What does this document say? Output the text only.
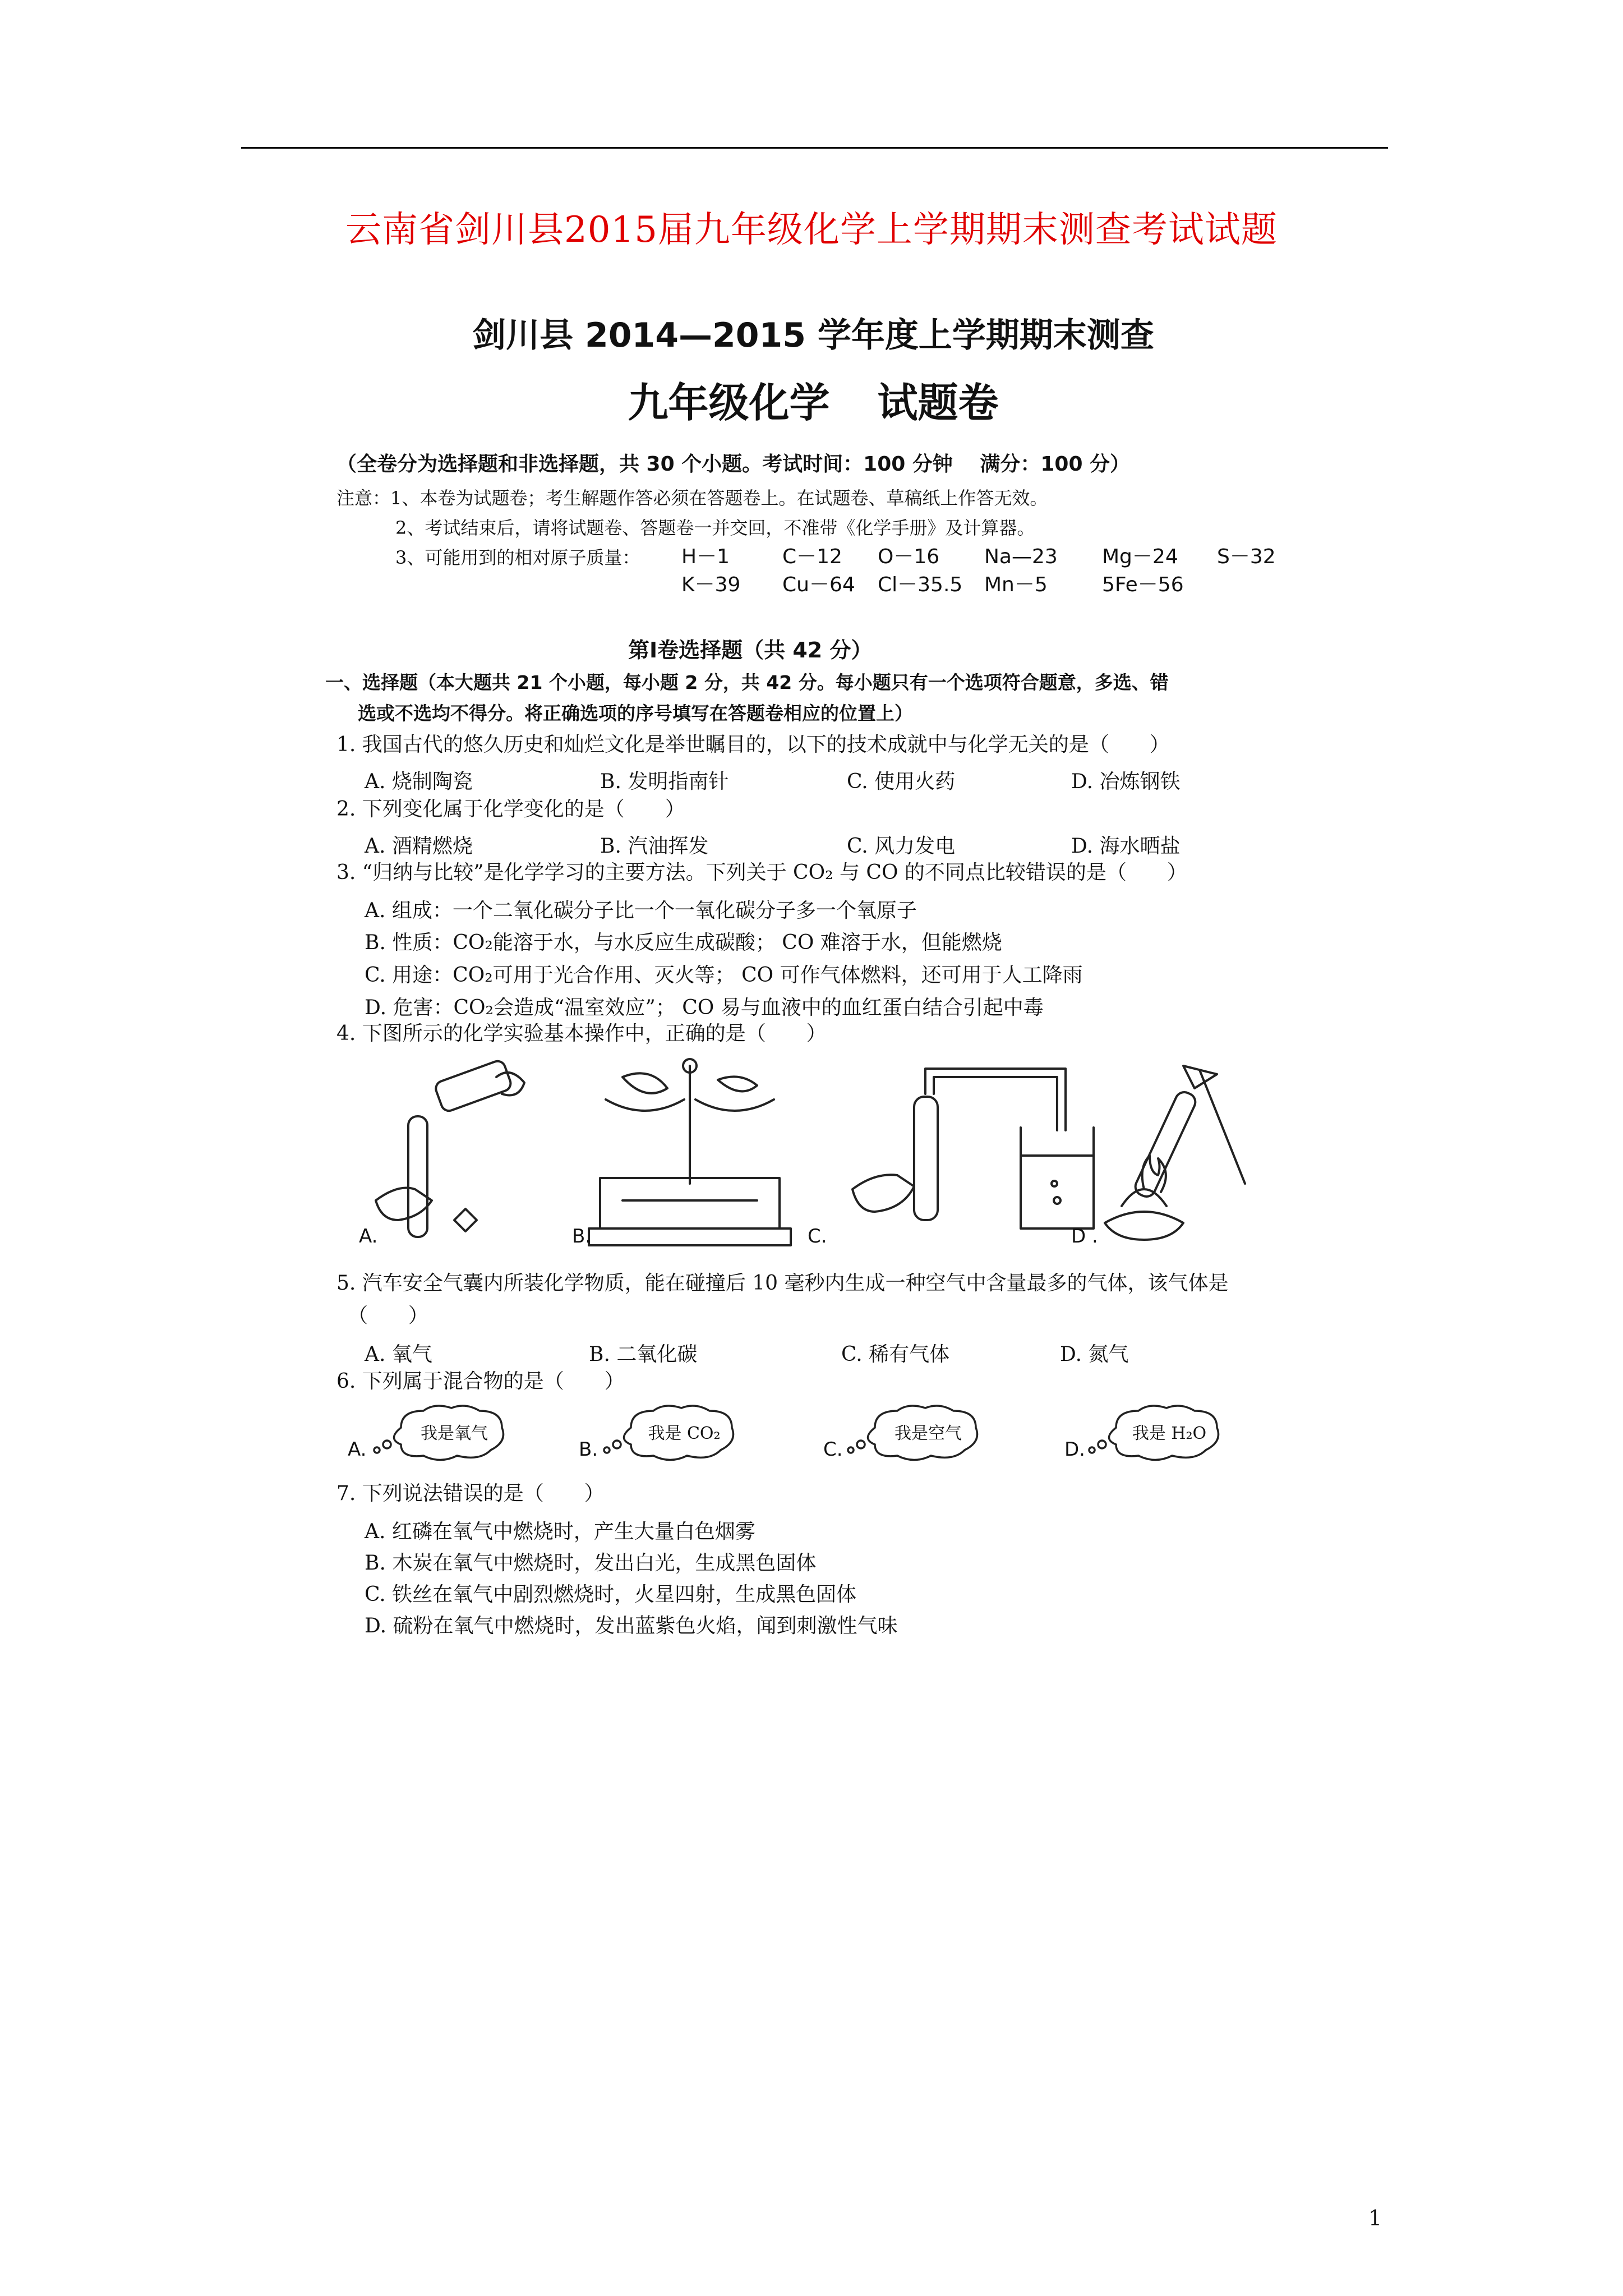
云南省剑川县2015届九年级化学上学期期末测查考试试题
剑川县 2014—2015 学年度上学期期末测查
九年级化学 试题卷
（全卷分为选择题和非选择题，共 30 个小题。考试时间：100 分钟　 满分：100 分）
注意：1、本卷为试题卷；考生解题作答必须在答题卷上。在试题卷、草稿纸上作答无效。
2、考试结束后，请将试题卷、答题卷一并交回，不准带《化学手册》及计算器。
3、可能用到的相对原子质量： H－1	C－12 O－16 Na—23 Mg－24 S－32
K－39 Cu－64 Cl－35.5 Mn－5	5Fe－56
第Ⅰ卷选择题（共 42 分）
一、选择题（本大题共 21 个小题，每小题 2 分，共 42 分。每小题只有一个选项符合题意，多选、错
选或不选均不得分。将正确选项的序号填写在答题卷相应的位置上）
1. 我国古代的悠久历史和灿烂文化是举世瞩目的，以下的技术成就中与化学无关的是（　　）
A. 烧制陶瓷	B. 发明指南针	C. 使用火药	D. 冶炼钢铁
2. 下列变化属于化学变化的是（　　）
A. 酒精燃烧	B. 汽油挥发	C. 风力发电	D. 海水晒盐
3. “归纳与比较”是化学学习的主要方法。下列关于 CO₂ 与 CO 的不同点比较错误的是（　　）
A. 组成：一个二氧化碳分子比一个一氧化碳分子多一个氧原子
B. 性质：CO₂能溶于水，与水反应生成碳酸； CO 难溶于水，但能燃烧
C. 用途：CO₂可用于光合作用、灭火等； CO 可作气体燃料，还可用于人工降雨
D. 危害：CO₂会造成“温室效应”； CO 易与血液中的血红蛋白结合引起中毒
4. 下图所示的化学实验基本操作中，正确的是（　　）
A.	B.	C.	D .
5. 汽车安全气囊内所装化学物质，能在碰撞后 10 毫秒内生成一种空气中含量最多的气体，该气体是
（　　）
A. 氧气	B. 二氧化碳	C. 稀有气体	D. 氮气
6. 下列属于混合物的是（　　）
A.	B.	C.	D.
我是氧气	我是 CO₂	我是空气	我是 H₂O
7. 下列说法错误的是（　　）
A. 红磷在氧气中燃烧时，产生大量白色烟雾
B. 木炭在氧气中燃烧时，发出白光，生成黑色固体
C. 铁丝在氧气中剧烈燃烧时，火星四射，生成黑色固体
D. 硫粉在氧气中燃烧时，发出蓝紫色火焰，闻到刺激性气味
1
